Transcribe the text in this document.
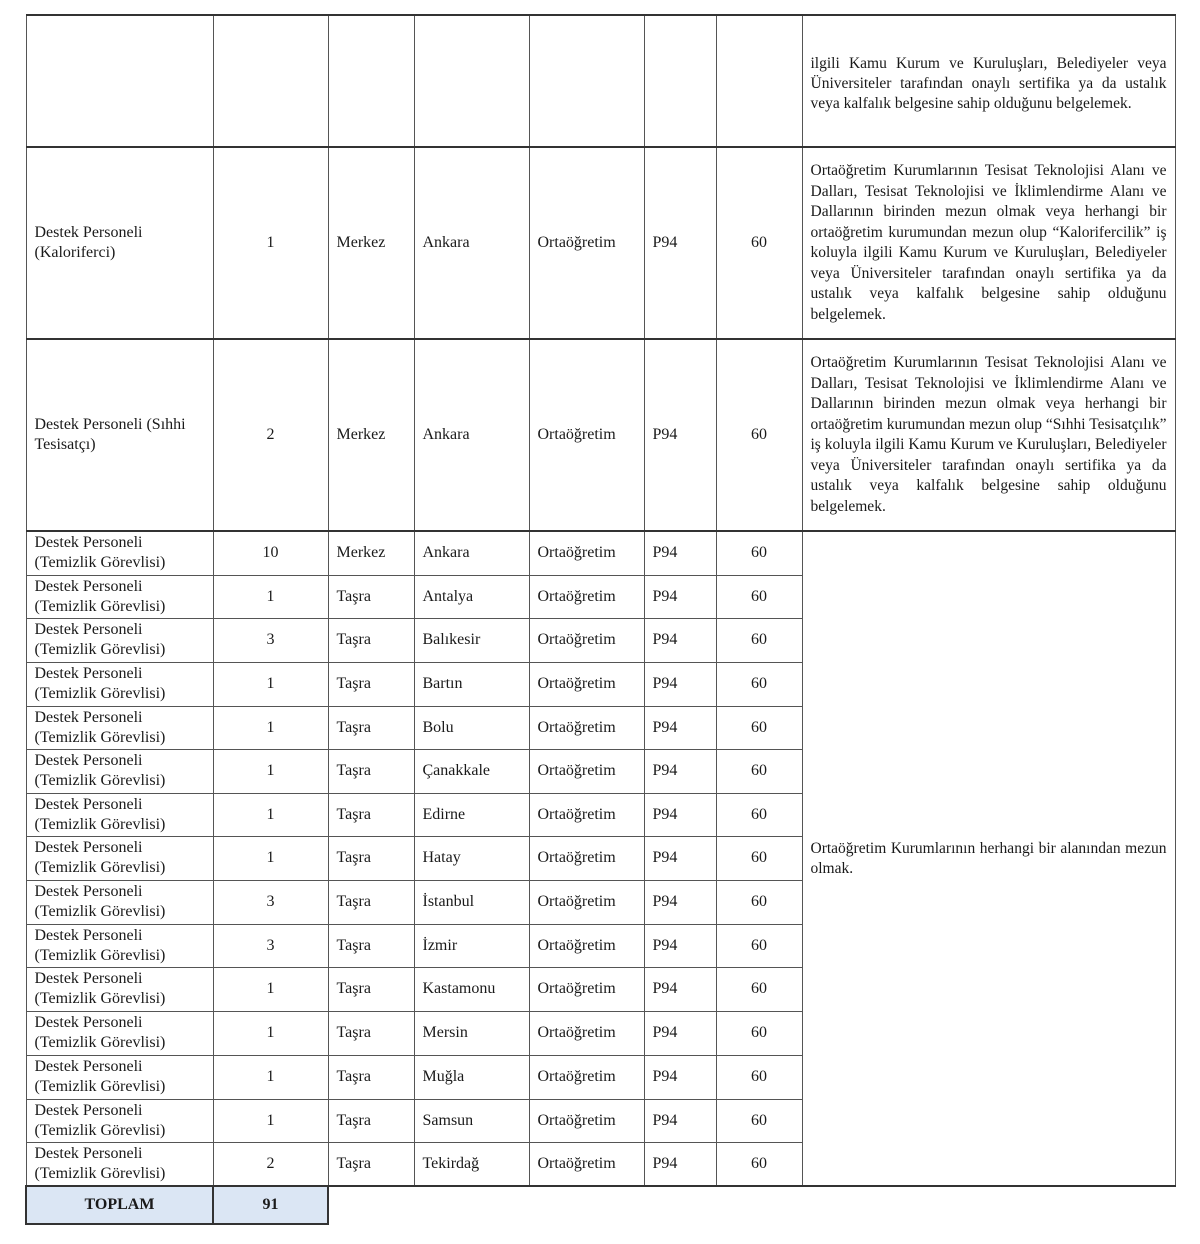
							ilgili Kamu Kurum ve Kuruluşları, Belediyeler veya Üniversiteler tarafından onaylı sertifika ya da ustalık veya kalfalık belgesine sahip olduğunu belgelemek.
Destek Personeli (Kaloriferci)	1	Merkez	Ankara	Ortaöğretim	P94	60	Ortaöğretim Kurumlarının Tesisat Teknolojisi Alanı ve Dalları, Tesisat Teknolojisi ve İklimlendirme Alanı ve Dallarının birinden mezun olmak veya herhangi bir ortaöğretim kurumundan mezun olup “Kalorifercilik” iş koluyla ilgili Kamu Kurum ve Kuruluşları, Belediyeler veya Üniversiteler tarafından onaylı sertifika ya da ustalık veya kalfalık belgesine sahip olduğunu belgelemek.
Destek Personeli (Sıhhi Tesisatçı)	2	Merkez	Ankara	Ortaöğretim	P94	60	Ortaöğretim Kurumlarının Tesisat Teknolojisi Alanı ve Dalları, Tesisat Teknolojisi ve İklimlendirme Alanı ve Dallarının birinden mezun olmak veya herhangi bir ortaöğretim kurumundan mezun olup “Sıhhi Tesisatçılık” iş koluyla ilgili Kamu Kurum ve Kuruluşları, Belediyeler veya Üniversiteler tarafından onaylı sertifika ya da ustalık veya kalfalık belgesine sahip olduğunu belgelemek.
Destek Personeli (Temizlik Görevlisi)	10	Merkez	Ankara	Ortaöğretim	P94	60	Ortaöğretim Kurumlarının herhangi bir alanından mezun olmak.
Destek Personeli (Temizlik Görevlisi)	1	Taşra	Antalya	Ortaöğretim	P94	60	
Destek Personeli (Temizlik Görevlisi)	3	Taşra	Balıkesir	Ortaöğretim	P94	60	
Destek Personeli (Temizlik Görevlisi)	1	Taşra	Bartın	Ortaöğretim	P94	60	
Destek Personeli (Temizlik Görevlisi)	1	Taşra	Bolu	Ortaöğretim	P94	60	
Destek Personeli (Temizlik Görevlisi)	1	Taşra	Çanakkale	Ortaöğretim	P94	60	
Destek Personeli (Temizlik Görevlisi)	1	Taşra	Edirne	Ortaöğretim	P94	60	
Destek Personeli (Temizlik Görevlisi)	1	Taşra	Hatay	Ortaöğretim	P94	60	
Destek Personeli (Temizlik Görevlisi)	3	Taşra	İstanbul	Ortaöğretim	P94	60	
Destek Personeli (Temizlik Görevlisi)	3	Taşra	İzmir	Ortaöğretim	P94	60	
Destek Personeli (Temizlik Görevlisi)	1	Taşra	Kastamonu	Ortaöğretim	P94	60	
Destek Personeli (Temizlik Görevlisi)	1	Taşra	Mersin	Ortaöğretim	P94	60	
Destek Personeli (Temizlik Görevlisi)	1	Taşra	Muğla	Ortaöğretim	P94	60	
Destek Personeli (Temizlik Görevlisi)	1	Taşra	Samsun	Ortaöğretim	P94	60	
Destek Personeli (Temizlik Görevlisi)	2	Taşra	Tekirdağ	Ortaöğretim	P94	60	
TOPLAM	91						
